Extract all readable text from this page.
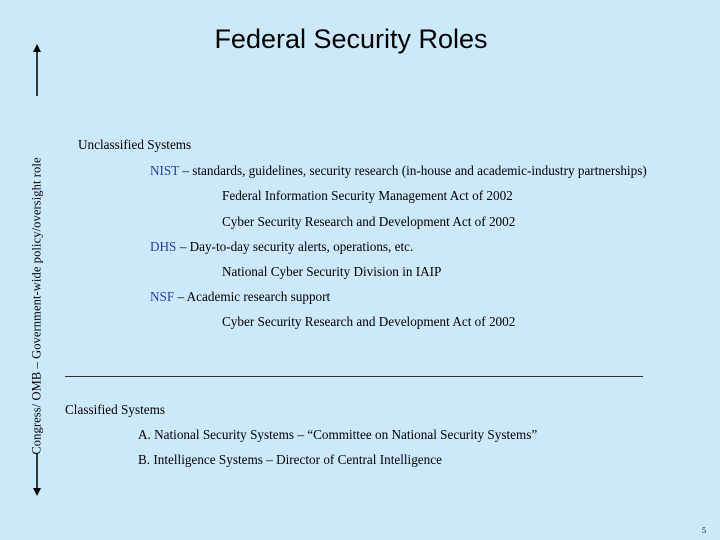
Federal Security Roles
Congress/ OMB – Government-wide policy/oversight role
Unclassified Systems
NIST – standards, guidelines, security research (in-house and academic-industry partnerships)
Federal Information Security Management Act of 2002
Cyber Security Research and Development Act of 2002
DHS – Day-to-day security alerts, operations, etc.
National Cyber Security Division in IAIP
NSF – Academic research support
Cyber Security Research and Development Act of 2002
Classified Systems
A. National Security Systems – “Committee on National Security Systems”
B. Intelligence Systems – Director of Central Intelligence
5
